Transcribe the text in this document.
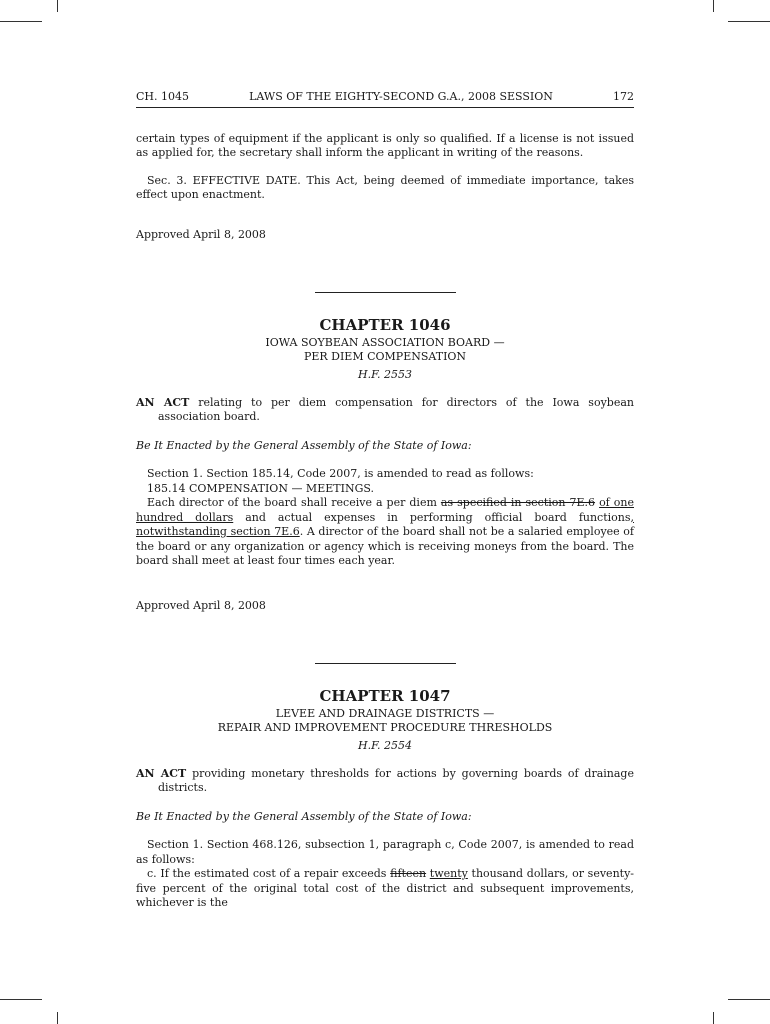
CH. 1045	LAWS OF THE EIGHTY-SECOND G.A., 2008 SESSION	172

certain types of equipment if the applicant is only so qualified. If a license is not issued as applied for, the secretary shall inform the applicant in writing of the reasons.

Sec. 3. EFFECTIVE DATE. This Act, being deemed of immediate importance, takes effect upon enactment.

Approved April 8, 2008

CHAPTER 1046
IOWA SOYBEAN ASSOCIATION BOARD —
PER DIEM COMPENSATION
H.F. 2553

AN ACT relating to per diem compensation for directors of the Iowa soybean association board.

Be It Enacted by the General Assembly of the State of Iowa:

Section 1. Section 185.14, Code 2007, is amended to read as follows:

185.14 COMPENSATION — MEETINGS.

Each director of the board shall receive a per diem as specified in section 7E.6 of one hundred dollars and actual expenses in performing official board functions, notwithstanding section 7E.6. A director of the board shall not be a salaried employee of the board or any organization or agency which is receiving moneys from the board. The board shall meet at least four times each year.

Approved April 8, 2008

CHAPTER 1047
LEVEE AND DRAINAGE DISTRICTS —
REPAIR AND IMPROVEMENT PROCEDURE THRESHOLDS
H.F. 2554

AN ACT providing monetary thresholds for actions by governing boards of drainage districts.

Be It Enacted by the General Assembly of the State of Iowa:

Section 1. Section 468.126, subsection 1, paragraph c, Code 2007, is amended to read as follows:

c. If the estimated cost of a repair exceeds fifteen twenty thousand dollars, or seventy-five percent of the original total cost of the district and subsequent improvements, whichever is the
